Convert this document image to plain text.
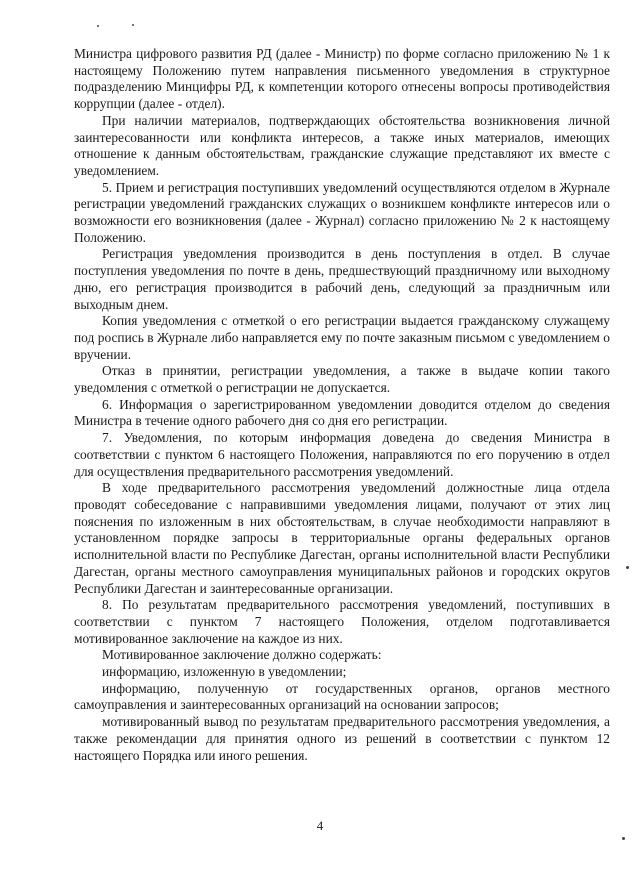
Министра цифрового развития РД (далее - Министр) по форме согласно приложению № 1 к настоящему Положению путем направления письменного уведомления в структурное подразделению Минцифры РД, к компетенции которого отнесены вопросы противодействия коррупции (далее - отдел).

При наличии материалов, подтверждающих обстоятельства возникновения личной заинтересованности или конфликта интересов, а также иных материалов, имеющих отношение к данным обстоятельствам, гражданские служащие представляют их вместе с уведомлением.

5. Прием и регистрация поступивших уведомлений осуществляются отделом в Журнале регистрации уведомлений гражданских служащих о возникшем конфликте интересов или о возможности его возникновения (далее - Журнал) согласно приложению № 2 к настоящему Положению.

Регистрация уведомления производится в день поступления в отдел. В случае поступления уведомления по почте в день, предшествующий праздничному или выходному дню, его регистрация производится в рабочий день, следующий за праздничным или выходным днем.

Копия уведомления с отметкой о его регистрации выдается гражданскому служащему под роспись в Журнале либо направляется ему по почте заказным письмом с уведомлением о вручении.

Отказ в принятии, регистрации уведомления, а также в выдаче копии такого уведомления с отметкой о регистрации не допускается.

6. Информация о зарегистрированном уведомлении доводится отделом до сведения Министра в течение одного рабочего дня со дня его регистрации.

7. Уведомления, по которым информация доведена до сведения Министра в соответствии с пунктом 6 настоящего Положения, направляются по его поручению в отдел для осуществления предварительного рассмотрения уведомлений.

В ходе предварительного рассмотрения уведомлений должностные лица отдела проводят собеседование с направившими уведомления лицами, получают от этих лиц пояснения по изложенным в них обстоятельствам, в случае необходимости направляют в установленном порядке запросы в территориальные органы федеральных органов исполнительной власти по Республике Дагестан, органы исполнительной власти Республики Дагестан, органы местного самоуправления муниципальных районов и городских округов Республики Дагестан и заинтересованные организации.

8. По результатам предварительного рассмотрения уведомлений, поступивших в соответствии с пунктом 7 настоящего Положения, отделом подготавливается мотивированное заключение на каждое из них.

Мотивированное заключение должно содержать:

информацию, изложенную в уведомлении;

информацию, полученную от государственных органов, органов местного самоуправления и заинтересованных организаций на основании запросов;

мотивированный вывод по результатам предварительного рассмотрения уведомления, а также рекомендации для принятия одного из решений в соответствии с пунктом 12 настоящего Порядка или иного решения.

4
